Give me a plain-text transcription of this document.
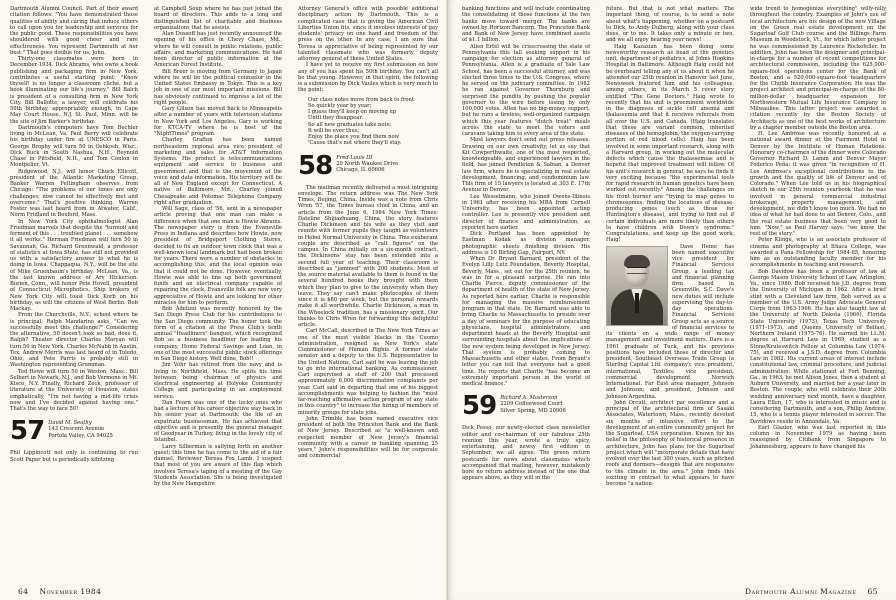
Dartmouth Alumni Council. Part of their award citation follows: "You have demonstrated those qualities of ability and caring that induce others to call upon you for leadership and services for the public good. These responsibilities you have shouldered with good cheer and rare effectiveness. You represent Dartmouth at her best." That goes double for us, John.

Thirty-one classmates were born in December 1934. Dick Abrams, who owns a book publishing and packaging firm in New York, contributes a useful starting point: "Know thyself! is no longer a classroom cliché, but a book illuminating our life's journey." Bill Balch is president of a consulting firm in New York City. Bill Ballotte, a lawyer, will celebrate his 50th birthday, appropriately enough, in Cape May Court House, N.J. St. Paul, Minn. will be the site of Jim Barker's birthday.

Dartmouth's computers have Tom Bechler living in McLean, Va. Paul Berry will celebrate his birthday under fire at UNESCO in Paris. George Brophy will turn 50 in Oshkosh, Wisc., Dick Buck in South Nashua, N.H., Reynold Chase in Pittsfield, N.H., and Tom Conlon in Montpelier, Vt.

Ridgewood, N.J., will honor Chuck Ellicott, president of the Atlantic Marketing Group. Banker Warren Feltingham observes from Chicago: "The problems of our times are only challenges, now cannot be effectively met and overcome." That's positive thinking. Warren Foster was last heard from in Atwater, Calif., Norm Fridland in Boxford, Mass.

In New York City ophthalmologist Alan Friedman marvels that despite the "turmoil and ferment of this . . . troubled planet . . . somehow it all works." Herman Friedman will turn 50 in Savannah, Ga. Richard Greenwald, a professor of statistics at Iowa State, has still not provided us with a satisfactory answer to what he is doing in Iowa. Chappaqua, N.Y., will be the site of Mike Gruenbaum's birthday. McLean, Va., is the last known address of Arv Hickerson. Burien, Conn., will honor Pete Hovell, president of Connecticut Microphotics. Ship brokers of New York City will toast Dick Korb on his birthday, as will the citizens of West Berlin. Bob Mackay.

From the Churchville, N.Y., school where he is principal, Ralph Mandarino asks, "Can we successfully meet this challenge?" Considering the alternative, 50 doesn't look so bad, does it, Ralph? Theater director Charles Maryan will turn 50 in New York, Charles McNabb in Austin, Tex. Andrew Merris was last heard of in Toledo, Ohio, and Pete Parris is probably still in Washington representing Grumman.

Ted Rowe will turn 50 in Weston, Mass., Bill Selbert in Newark, N.J., and Bob Vermone in Mt. Kisco, N.Y. Finally, Richard Zeck, professor of literature at the University of Houston, states emphatically, "I'm not having a mid-life crisis now and I've decided against having one." That's the way to face 50!

57 David M. Seathy
143 Crescent Avenue
Portola Valley, CA 94025

Phil Lippincott not only is continuing to run Scott Paper but is periodically kibitzing

at Campbell Soup where he has just joined the board of directors. This adds to a long and distinguished list of charitable and business organizations that he assists.

Alan Dossoff has just recently announced the opening of his office in Chevy Chase, Md., where he will consult in public relations, public affairs, and marketing communications. He had been director of public information at the American Forest Institute.

Bill Breer is moving from Germany to Japan where he will be the political counselor in the United States Embassy in Tokyo. This is a key job in one of our most important missions. Bill has obviously continued to impress a lot of the right people.

Gary Gilson has moved back to Minneapolis after a number of years with television stations in New York and Los Angeles. Gary is working for KTCA-TV where he is host of the "NightTimes" program.

Charley Grafton has been named northeastern regional area vice president of marketing and sales for AT&T Information Systems. His product is telecommunications equipment and service to business and government and that is the movement of the voice and data information. His territory will be all of New England except for Connecticut. A native of Baltimore, Md., Charley joined Chesapeake and Potomac Telephone Company right after graduation.

Will Sage, class of '56, sent in a newspaper article proving that one man can make a difference when that one man is Howie Abrams. The newspaper story is from the Evansville Press in Indiana and describes how Howie, now president of Bridgeport Clothing Stores, decided to fix an outdoor town clock that was a well-known local landmark but had been broken for years. There were a number of obstacles in accomplishing this, and the local opinion was that it could not be done. However, eventually, Howie was able to line up both government funds and an electrical company capable of repairing the clock. Evansville folk are now very appreciative of Howie and are looking for other miracles for him to perform.

Bob Adelizzi was recently honored by the San Diego Press Club for his contributions to the San Diego community. The honor took the form of a citation at the Press Club's tenth annual "Headliners" banquet, which recognized Bob as a business headliner for leading his company, Home Federal Savings and Loan, in one of the most successful public stock offerings in San Diego history. Well done, Bob!!

Jim Vohr has retired from the navy and is living in Northfield, Mass. He splits his time between being chairman of physics and electrical engineering at Holyoke Community College and participating in an employment service.

Dan Fearn was one of the lucky ones who had a lecture of his career objective way back in his senior year at Dartmouth: the life of an expatriate businessman. He has achieved that objective and is presently the general manager of Goodyear in Turkey, living in the lovely city of Istanbul.

Larry Silberman is sallying forth on another quest; this time he has come to the aid of a fair damsel, Reviewer Teresa Fox Lamb. I suspect that most of you are aware of this flap which involves Teresa's taping of a meeting of the Gay Students Association. She is being investigated by the New Hampshire

Attorney General's office with possible additional disciplinary action by Dartmouth. This is a complicated case that is giving the American Civil Liberties Union fits, since it involves interests of gay students' privacy on one hand and freedom of the press on the other. In any case, I am sure that Teresa is appreciative of being represented by our talented classmate who was formerly deputy attorney general of these United States.

I have yet to receive my first submission on how any of you has spent his 50th birthday. You can't all be that young. However, in that spirit, the following is a submission by Dick Vaules which is very much to the point:

Our class notes move from back to front

So quickly year by year;

I guess they'll keep on moving up

Until they disappear.

So all new graduates take note;

It will be ever thus;

Enjoy the place you find them now

'Cause that's not where they'll stay.

58 Fred Louis III
20 North Waukee Drive
Chicago, IL 60606

The mailman recently delivered a most intriguing envelope. The return address was The New York Times, Beijing, China. Inside was a note from Chris Wren '57, the Times bureau chief in China, and an article from the June 6, 1984 New York Times: Dateline Shijiazhuang, China, the story features Charlie Dickinson and his wife as they visit and reunite with former pupils they taught as volunteers in Hebei Normal University in China. This exuberant couple are described as "cult figures" on the campus. In China initially on a six-month contract, the Dickinsons' stay has been extended into a second full year of teaching. Their classroom is described as "jammed" with 200 students. Most of the source material available to them is found in the several hundred books they brought with them which they plan to give to the university when they leave. They say can't make photocopies of them since it is $80 per week, but the personal rewards make it all worthwhile. Charlie Dickinson, a man in the Wheelock tradition, has a missionary spirit. Our thanks to Chris Wren for forwarding this delightful article.

Carl McCall, described in The New York Times as one of the most visible blacks in the Cuomo administration, resigned as New York's state Commissioner of Human Rights. A former state senator and a deputy to the U.S. Representative to the United Nations, Carl said he was leaving the job to go into international banking. As commissioner, Carl supervised a staff of 200 that processed approximately 6,000 discrimination complaints per year. Carl said in departing that one of his biggest accomplishments was helping to fashion the "most far-reaching affirmative action program of any state in this country" to increase the hiring of members of minority groups for state jobs.

John Trimble has been named executive vice president of both the Princeton Bank and the Bank of New Jersey. Described as "a well-known and respected member of New Jersey's financial community with a career in banking spanning 25 years," John's responsibilities will be for corporate and commercial

64 November 1984

banking functions and will include coordinating the consolidating of those functions at the two banks move toward merger. The banks are owned by Horizon Bancorp. The Princeton Bank and Bank of New Jersey have combined assets of $1.1 billion.

Allen Ertel will be crisscrossing the state of Pennsylvania this fall seeking support in his campaign for election as attorney general of Pennsylvania. Allen is a graduate of Yale Law School, has been a successful attorney, and was elected three times to the U.S. Congress, where he served on the judiciary committee. In 1982 he ran against Governor Thornburg and surprised the pundits by pushing the popular governor to the wire before losing by only 100,000 votes. Allen has no big-money support, but he runs a tireless, well-organized campaign which this year features "dutch treat" meals across the state to meet the voters and caravans taking him to every area of the state.

Most lawyers don't send out press releases. Drawing on our own creativity, let us say that Kit Cowperthwaite, one of the most respected, knowledgeable, and experienced lawyers in the field, has joined Pendleton & Sabian, a Denver law firm, where he is specializing in real estate development, financing, and condominium law. This firm of 15 lawyers is located at 303 E. 17th Avenue in Denver.

Lee Wesselmann, who joined Owens-Illinois in 1961 after receiving his MBA from Cornell University, has been appointed acting controller. Lee is presently vice president and director of finance and administration, as reported here earlier.

Dick Portland has been appointed by Eastman Kodak as division manager, photographic sheets finishing division. His address is 10 Birling Gap, Fairport, NY.

When Dr. Bryant Barnard, president of the Evelyn Lilly Lutz Foundation, Beverly Hospital, Beverly, Mass., set out for the 25th reunion, he was in for a pleasant surprise. He ran into Charlie Pierce, deputy commissioner of the department of health of the state of New Jersey. As reported here earlier, Charlie is responsible for managing the massive reimbursement program in that state. Dr. Barnard was able to bring Charlie to Massachusetts to preside over a day of seminars for the purpose of educating physicians, hospital administrators, and department heads at the Beverly Hospital and surrounding hospitals about the implications of the new system being developed in New Jersey. That system is probably coming to Massachusetts and other states. From Bryant's letter you can tell that everyone had a good time. He reports that Charlie "has become an extremely important person in the world of medical finance."

59 Richard A. Masterson
2209 Coffeewood Court
Silver Spring, MD 20906

Dick Pesso, our newly-elected class newsletter editor and co-chairman of our fabulous 25th reunion this year, wrote a truly spicy, entertaining, and newsy first edition in September, we all agree. The green return postcards for news about classmates which accompanied that mailing, however, mistakenly bore no return address instead of the one that appears above, as they will in the

future. But that is not what matters. The important thing, of course, is to send a note about what's happening, whether on a postcard to Dick, to Andy Dulberg, along with your class dues, or to me. It takes only a minute or two, and we all enjoy hearing your news!

Haig Kazazian has been doing some newsworthy research as head of the genetics unit, department of pediatrics, at Johns Hopkins Hospital in Baltimore. Although Haig could not be overheard telling any of us about it when he attended our 25th reunion in Hanover last June, Newsweek featured him and his colleagues, among others, in its March 5 cover story entitled "The Gene Doctors." Haig wrote to recently that his unit is preeminent worldwide in the diagnosis of sickle cell anemia and thalassemia and that it receives referrals from all over the U.S. and Canada. (Haig translates that these are variant common, inherited diseases of the hemoglobin, the oxygen-carrying portion of red blood cells). Haig has been involved in some important research, along with a Harvard group, in working out the molecular defects which cause the thalassemias and is hopeful that improved treatment will follow. Of his unit's research in general, he says he finds it very exciting because "the experimental tools for rapid research in human genetics have been worked out recently." Among the challenges on his front burner are "trying to map genes to chromosomes, finding the locations of disease-producing genes (such as those for Huntington's disease), and trying to find out if certain individuals are more likely than others to have children with Down's syndrome." Congratulations, and keep up the good work, Haig!

Dave Heine has been named executive vice president for Financial Services Group, a leading tax and financial planning firm based in Greenville, S.C. Dave's new duties will include supervising the day-to-day operations. Financial Services Group acts as a source of financial services to its clients on a wide range of money management and investment matters. Dave is a 1961 graduate of Tuck, and his previous positions have included those of director and president, Southeast Overseas Trade Group (a Sterling Capital Ltd. company); vice president, international, Textiles; vice president, commercial development, Norwich International. Far East area manager, Johnson and Johnson; and president, Johnson and Johnson Argentina.

John Orcutt, architect par excellence and a principal of the architectural firm of Sasaki Associates, Watertown, Mass., recently devoted six months of intensive effort to the development of an entire community project for the Sugarloaf, USA corporation. Known for his belief in the philosophy of historical presence in architecture, John has plans for the Sugarloaf project which will "incorporate details that have evolved over the last 300 years, such as pitched roofs and dormers—designs that are responsive to the climate in the area." John finds this exciting in contrast to what appears to have become "a nation-

wide trend to homogenize everything" willy-nilly throughout the country. Examples of John's use of local architecture are his design of the new Village on the Green real estate development on the Sugarloaf Golf Club course and the Billings Farm Museum in Woodstock, Vt., for which latter project he was commissioned by Laurence Rockefeller. In addition, John has been the designer and principal-in-charge for a number of recent competitions for architectural commission, including the 625,000-square-foot operations center for the Bank of Boston, and a 520,000-square-foot headquarters for the Chubb Insurance Corporation. He was the project architect and principal-in-charge of the 80-million-dollar headquarter expansion for Northwestern Mutual Life Insurance Company in Milwaukee. This latter project was awarded a citation recently by the Boston Society of Architects as one of the best works of architecture by a chapter member outside the Boston area.

H. Lee Ambrose was recently honored at a national award dinner at the Fairmont Hotel in Denver by the Institute of Human Relations. Honorary co-chairmen of the dinner were Colorado Governor Richard D. Lamm and Denver Mayor Federico Peña; it was given "in recognition of H. Lee Ambrose's exceptional contributions to the growth and the quality of life of Denver and of Colorado." When Lee told us in his biographical sketch in our 25th reunion yearbook that he was involved in general commercial industrial brokerage, property management, and development, we didn't know too much. We had no idea of what he had done to aid Denver, Colo., and the real estate business that been very good to him. "Now," as Paul Harvey says, "we know the rest of the story."

Peter Klinge, who is an associate professor of cinema and photography at Ithaca College, was awarded a Pana Fellowship for 1984-85, honoring him as an outstanding faculty member for his accomplishments in teaching and research.

Bob Davidow has been a professor of law at George Mason University School of Law, Arlington, Va., since 1980. Bob received his J.D. degree from the University of Michigan in 1962. After a brief stint with a Cleveland law firm, Bob served as a member of the U.S. Army Judge Advocate General Corps from 1963-1966. He has also taught law at the University of North Dakota (1966), Florida State University (1973), Texas Tech University (1971-1973), and Queens University of Belfast, Northern Ireland (1975-76). He earned his LL.M. degree at Harvard Law in 1969, studied as a Stone/Kruleswitch Fellow at Columbia Law (1974-75), and received a J.S.D. degree from Columbia Law in 1982. His current areas of interest include constitutional law, criminal procedure, and judicial administration. While stationed at Fort Benning, Ga., in 1963, he met Alison Jones, then a student at Auburn University, and married her a year later in Boston. The couple, who will celebrate their 20th wedding anniversary next month, have a daughter, Laura Ellen, 17, who is interested in music and is considering Dartmouth, and a son, Philip Andrew, 15, who is a tennis player interested in soccer. The Davidows reside in Annandale, Va.

Earl Glazier, who was last reported in this column in November 1979 as having been reassigned by Citibank from Singapore to Johannesburg, appears to have changed his

Dartmouth Alumni Magazine 65
